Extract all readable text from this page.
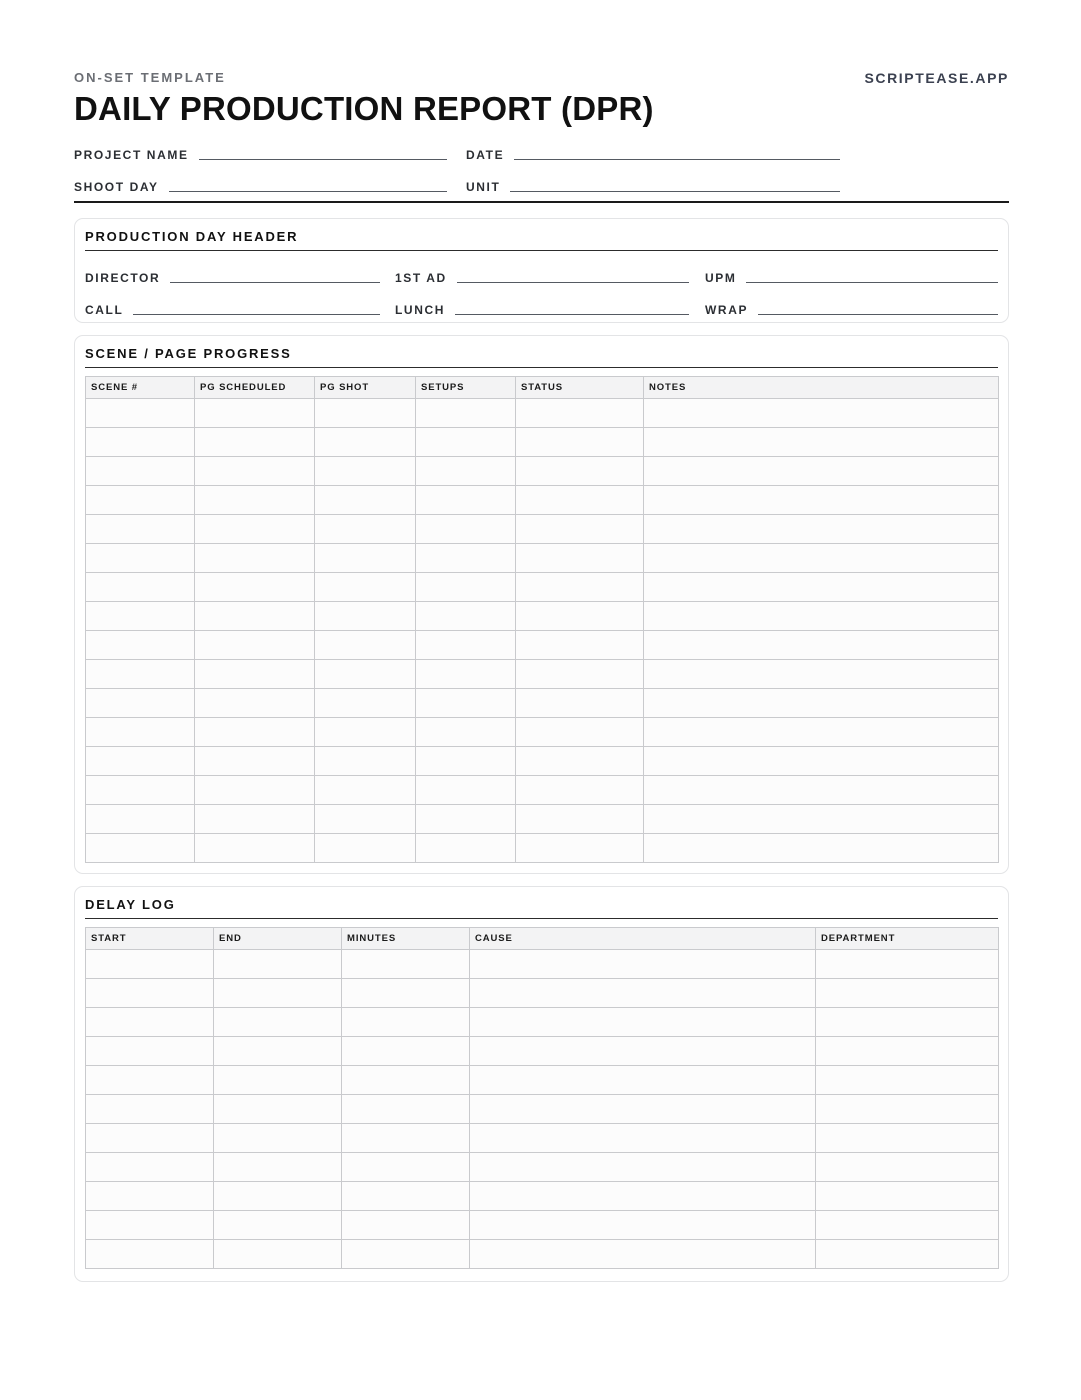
ON-SET TEMPLATE	SCRIPTEASE.APP
DAILY PRODUCTION REPORT (DPR)
PROJECT NAME	DATE
SHOOT DAY	UNIT
PRODUCTION DAY HEADER
DIRECTOR	1ST AD	UPM
CALL	LUNCH	WRAP
SCENE / PAGE PROGRESS
SCENE #	PG SCHEDULED	PG SHOT	SETUPS	STATUS	NOTES

DELAY LOG
START	END	MINUTES	CAUSE	DEPARTMENT
